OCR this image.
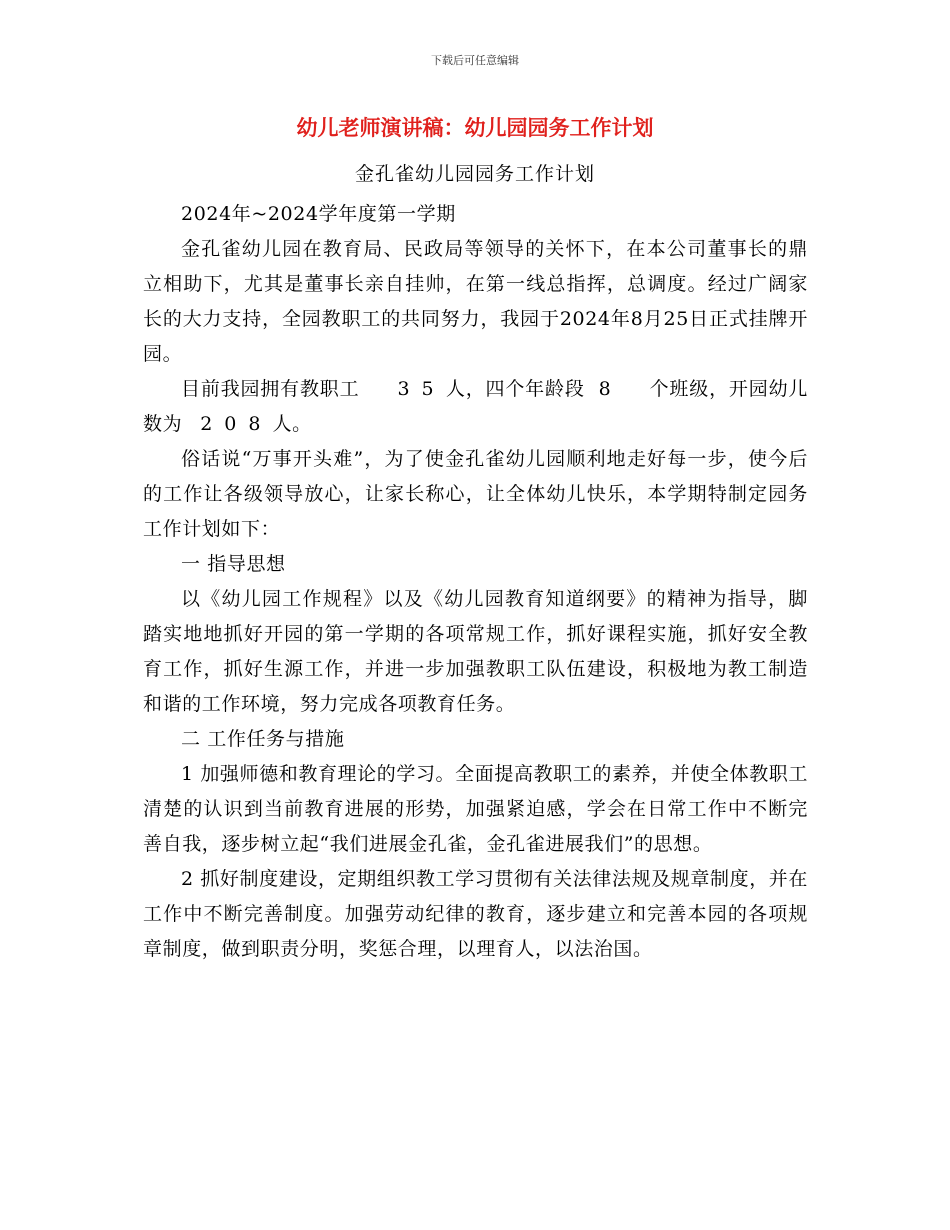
下载后可任意编辑
幼儿老师演讲稿：幼儿园园务工作计划
金孔雀幼儿园园务工作计划

2024年~2024学年度第一学期

金孔雀幼儿园在教育局、民政局等领导的关怀下，在本公司董事长的鼎立相助下，尤其是董事长亲自挂帅，在第一线总指挥，总调度。经过广阔家长的大力支持，全园教职工的共同努力，我园于2024年8月25日正式挂牌开园。

目前我园拥有教职工 35人，四个年龄段 8 个班级，开园幼儿数为 208人。

俗话说“万事开头难”，为了使金孔雀幼儿园顺利地走好每一步，使今后的工作让各级领导放心，让家长称心，让全体幼儿快乐，本学期特制定园务工作计划如下：

一 指导思想

以《幼儿园工作规程》以及《幼儿园教育知道纲要》的精神为指导，脚踏实地地抓好开园的第一学期的各项常规工作，抓好课程实施，抓好安全教育工作，抓好生源工作，并进一步加强教职工队伍建设，积极地为教工制造和谐的工作环境，努力完成各项教育任务。

二 工作任务与措施

1 加强师德和教育理论的学习。全面提高教职工的素养，并使全体教职工清楚的认识到当前教育进展的形势，加强紧迫感，学会在日常工作中不断完善自我，逐步树立起“我们进展金孔雀，金孔雀进展我们”的思想。

2 抓好制度建设，定期组织教工学习贯彻有关法律法规及规章制度，并在工作中不断完善制度。加强劳动纪律的教育，逐步建立和完善本园的各项规章制度，做到职责分明，奖惩合理，以理育人，以法治国。
